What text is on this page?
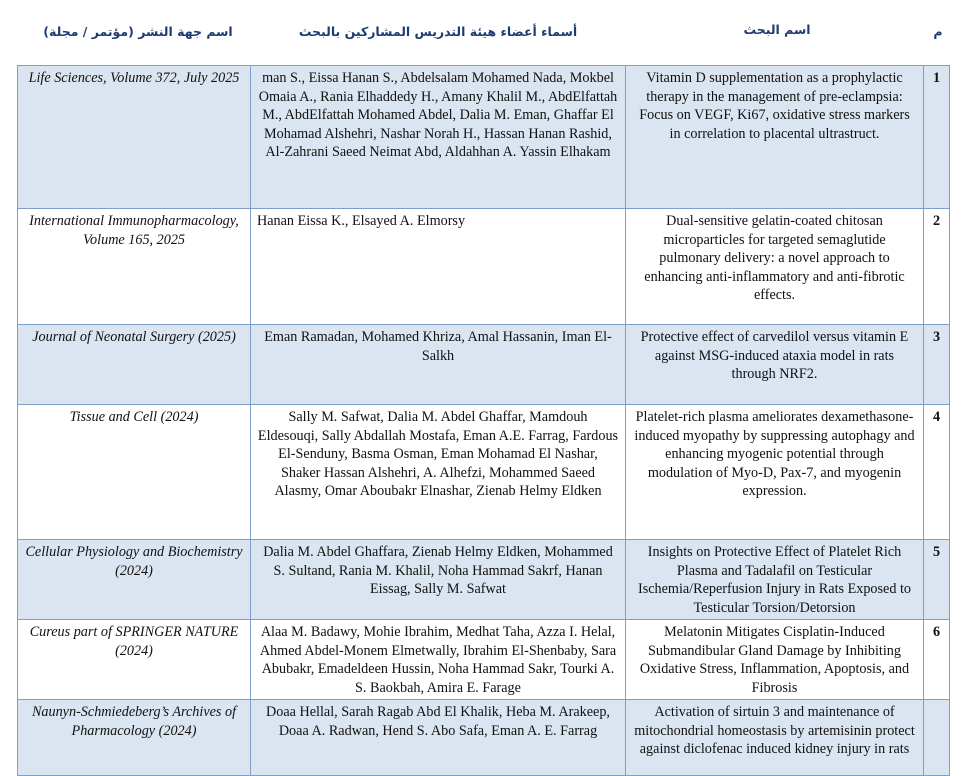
اسم جهة النشر (مؤتمر / مجلة)	أسماء أعضاء هيئة التدريس المشاركين بالبحث	اسم البحث	م
Life Sciences, Volume 372, July 2025	man S., Eissa Hanan S., Abdelsalam Mohamed Nada, Mokbel Omaia A., Rania Elhaddedy H., Amany Khalil M., AbdElfattah M., AbdElfattah Mohamed Abdel, Dalia M. Eman, Ghaffar El Mohamad Alshehri, Nashar Norah H., Hassan Hanan Rashid, Al-Zahrani Saeed Neimat Abd, Aldahhan A. Yassin Elhakam	Vitamin D supplementation as a prophylactic therapy in the management of pre-eclampsia: Focus on VEGF, Ki67, oxidative stress markers in correlation to placental ultrastruct.	1
International Immunopharmacology, Volume 165, 2025	Hanan Eissa K., Elsayed A. Elmorsy	Dual-sensitive gelatin-coated chitosan microparticles for targeted semaglutide pulmonary delivery: a novel approach to enhancing anti-inflammatory and anti-fibrotic effects.	2
Journal of Neonatal Surgery (2025)	Eman Ramadan, Mohamed Khriza, Amal Hassanin, Iman El-Salkh	Protective effect of carvedilol versus vitamin E against MSG-induced ataxia model in rats through NRF2.	3
Tissue and Cell (2024)	Sally M. Safwat, Dalia M. Abdel Ghaffar, Mamdouh Eldesouqi, Sally Abdallah Mostafa, Eman A.E. Farrag, Fardous El-Senduny, Basma Osman, Eman Mohamad El Nashar, Shaker Hassan Alshehri, A. Alhefzi, Mohammed Saeed Alasmy, Omar Aboubakr Elnashar, Zienab Helmy Eldken	Platelet-rich plasma ameliorates dexamethasone-induced myopathy by suppressing autophagy and enhancing myogenic potential through modulation of Myo-D, Pax-7, and myogenin expression.	4
Cellular Physiology and Biochemistry (2024)	Dalia M. Abdel Ghaffara, Zienab Helmy Eldken, Mohammed S. Sultand, Rania M. Khalil, Noha Hammad Sakrf, Hanan Eissag, Sally M. Safwat	Insights on Protective Effect of Platelet Rich Plasma and Tadalafil on Testicular Ischemia/Reperfusion Injury in Rats Exposed to Testicular Torsion/Detorsion	5
Cureus part of SPRINGER NATURE (2024)	Alaa M. Badawy, Mohie Ibrahim, Medhat Taha, Azza I. Helal, Ahmed Abdel-Monem Elmetwally, Ibrahim El-Shenbaby, Sara Abubakr, Emadeldeen Hussin, Noha Hammad Sakr, Tourki A. S. Baokbah, Amira E. Farage	Melatonin Mitigates Cisplatin-Induced Submandibular Gland Damage by Inhibiting Oxidative Stress, Inflammation, Apoptosis, and Fibrosis	6
Naunyn-Schmiedeberg’s Archives of Pharmacology (2024)	Doaa Hellal, Sarah Ragab Abd El Khalik, Heba M. Arakeep, Doaa A. Radwan, Hend S. Abo Safa, Eman A. E. Farrag	Activation of sirtuin 3 and maintenance of mitochondrial homeostasis by artemisinin protect against diclofenac induced kidney injury in rats	
